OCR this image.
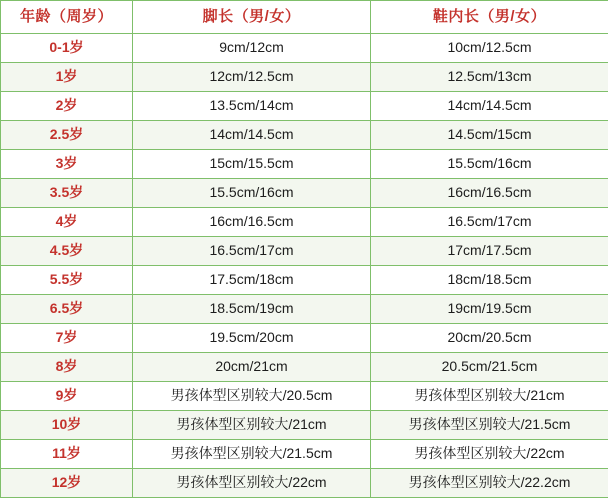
年龄（周岁）	脚长（男/女）	鞋内长（男/女）
0-1岁	9cm/12cm	10cm/12.5cm
1岁	12cm/12.5cm	12.5cm/13cm
2岁	13.5cm/14cm	14cm/14.5cm
2.5岁	14cm/14.5cm	14.5cm/15cm
3岁	15cm/15.5cm	15.5cm/16cm
3.5岁	15.5cm/16cm	16cm/16.5cm
4岁	16cm/16.5cm	16.5cm/17cm
4.5岁	16.5cm/17cm	17cm/17.5cm
5.5岁	17.5cm/18cm	18cm/18.5cm
6.5岁	18.5cm/19cm	19cm/19.5cm
7岁	19.5cm/20cm	20cm/20.5cm
8岁	20cm/21cm	20.5cm/21.5cm
9岁	男孩体型区别较大/20.5cm	男孩体型区别较大/21cm
10岁	男孩体型区别较大/21cm	男孩体型区别较大/21.5cm
11岁	男孩体型区别较大/21.5cm	男孩体型区别较大/22cm
12岁	男孩体型区别较大/22cm	男孩体型区别较大/22.2cm
